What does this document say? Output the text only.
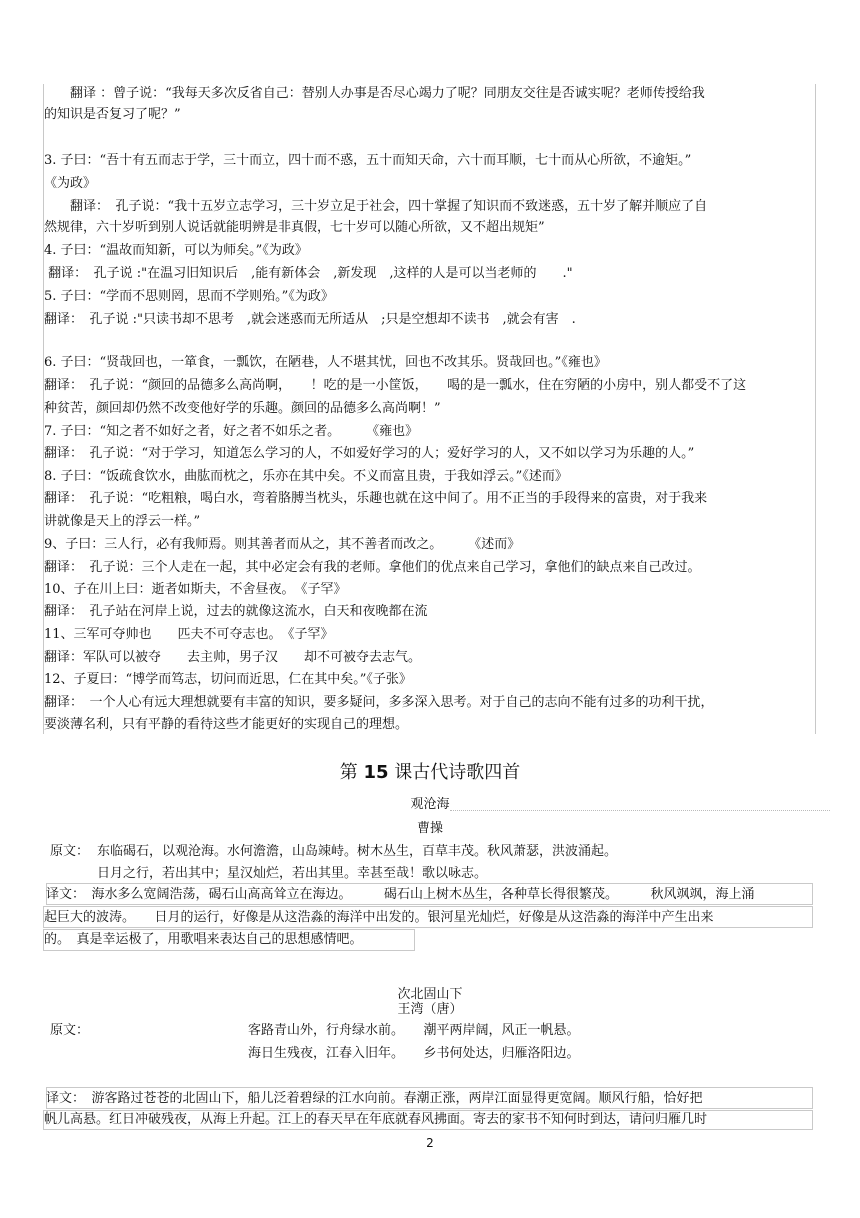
　　翻译 ：曾子说：“我每天多次反省自己：替别人办事是否尽心竭力了呢？同朋友交往是否诚实呢？老师传授给我
的知识是否复习了呢？”
3. 子曰：“吾十有五而志于学，三十而立，四十而不惑，五十而知天命，六十而耳顺，七十而从心所欲，不逾矩。”
《为政》
　　翻译：　孔子说：“我十五岁立志学习，三十岁立足于社会，四十掌握了知识而不致迷惑，五十岁了解并顺应了自
然规律，六十岁听到别人说话就能明辨是非真假，七十岁可以随心所欲，又不超出规矩”
4. 子曰：“温故而知新，可以为师矣。”《为政》
翻译：　孔子说 :"在温习旧知识后　,能有新体会　,新发现　,这样的人是可以当老师的　　."
5. 子曰：“学而不思则罔，思而不学则殆。”《为政》
翻译：　孔子说 :"只读书却不思考　,就会迷惑而无所适从　;只是空想却不读书　,就会有害　.
6. 子曰：“贤哉回也，一箪食，一瓢饮，在陋巷，人不堪其忧，回也不改其乐。贤哉回也。”《雍也》
翻译：　孔子说：“颜回的品德多么高尚啊，　　！吃的是一小筐饭，　　喝的是一瓢水，住在穷陋的小房中，别人都受不了这
种贫苦，颜回却仍然不改变他好学的乐趣。颜回的品德多么高尚啊！”
7. 子曰：“知之者不如好之者，好之者不如乐之者。　　　《雍也》
翻译：　孔子说：“对于学习，知道怎么学习的人，不如爱好学习的人；爱好学习的人，又不如以学习为乐趣的人。”
8. 子曰：“饭疏食饮水，曲肱而枕之，乐亦在其中矣。不义而富且贵，于我如浮云。”《述而》
翻译：　孔子说：“吃粗粮，喝白水，弯着胳膊当枕头，乐趣也就在这中间了。用不正当的手段得来的富贵，对于我来
讲就像是天上的浮云一样。”
9、子曰：三人行，必有我师焉。则其善者而从之，其不善者而改之。　　　《述而》
翻译：　孔子说：三个人走在一起，其中必定会有我的老师。拿他们的优点来自己学习，拿他们的缺点来自己改过。
10、子在川上曰：逝者如斯夫，不舍昼夜。　《子罕》
翻译：　孔子站在河岸上说，过去的就像这流水，白天和夜晚都在流
11、三军可夺帅也　　匹夫不可夺志也。　《子罕》
翻译：军队可以被夺　　去主帅，男子汉　　却不可被夺去志气。
12、子夏曰：“博学而笃志，切问而近思，仁在其中矣。”《子张》
翻译：　一个人心有远大理想就要有丰富的知识，要多疑问，多多深入思考。对于自己的志向不能有过多的功利干扰，
要淡薄名利，只有平静的看待这些才能更好的实现自己的理想。
第 15 课古代诗歌四首
观沧海
曹操
原文： 东临碣石，以观沧海。水何澹澹，山岛竦峙。树木丛生，百草丰茂。秋风萧瑟，洪波涌起。
日月之行，若出其中；星汉灿烂，若出其里。幸甚至哉！歌以咏志。
译文：　海水多么宽阔浩荡，碣石山高高耸立在海边。　　　碣石山上树木丛生，各种草长得很繁茂。　　　秋风飒飒，海上涌
起巨大的波涛。　　日月的运行，好像是从这浩淼的海洋中出发的。银河星光灿烂，好像是从这浩淼的海洋中产生出来
的。　真是幸运极了，用歌唱来表达自己的思想感情吧。
次北固山下
王湾（唐）
原文：	客路青山外，行舟绿水前。　　潮平两岸阔，风正一帆悬。
海日生残夜，江春入旧年。　　乡书何处达，归雁洛阳边。
译文：　游客路过苍苍的北固山下，船儿泛着碧绿的江水向前。春潮正涨，两岸江面显得更宽阔。顺风行船，恰好把
帆儿高悬。红日冲破残夜，从海上升起。江上的春天早在年底就春风拂面。寄去的家书不知何时到达，请问归雁几时
2
